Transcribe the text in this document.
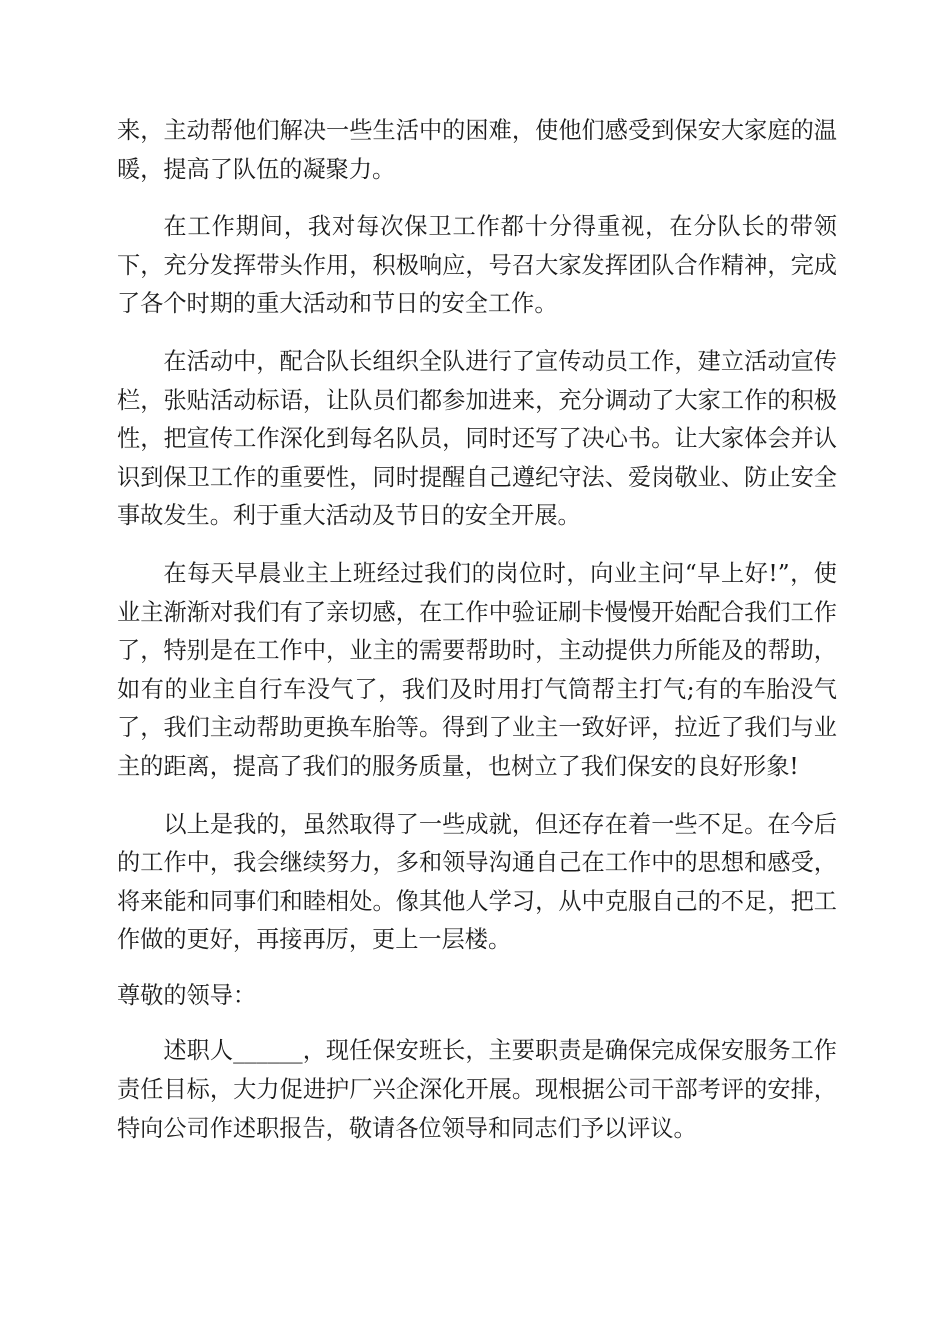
来，主动帮他们解决一些生活中的困难，使他们感受到保安大家庭的温暖，提高了队伍的凝聚力。

在工作期间，我对每次保卫工作都十分得重视，在分队长的带领下，充分发挥带头作用，积极响应，号召大家发挥团队合作精神，完成了各个时期的重大活动和节日的安全工作。

在活动中，配合队长组织全队进行了宣传动员工作，建立活动宣传栏，张贴活动标语，让队员们都参加进来，充分调动了大家工作的积极性，把宣传工作深化到每名队员，同时还写了决心书。让大家体会并认识到保卫工作的重要性，同时提醒自己遵纪守法、爱岗敬业、防止安全事故发生。利于重大活动及节日的安全开展。

在每天早晨业主上班经过我们的岗位时，向业主问“早上好!”，使业主渐渐对我们有了亲切感，在工作中验证刷卡慢慢开始配合我们工作了，特别是在工作中，业主的需要帮助时，主动提供力所能及的帮助，如有的业主自行车没气了，我们及时用打气筒帮主打气;有的车胎没气了，我们主动帮助更换车胎等。得到了业主一致好评，拉近了我们与业主的距离，提高了我们的服务质量，也树立了我们保安的良好形象!

以上是我的，虽然取得了一些成就，但还存在着一些不足。在今后的工作中，我会继续努力，多和领导沟通自己在工作中的思想和感受，将来能和同事们和睦相处。像其他人学习，从中克服自己的不足，把工作做的更好，再接再厉，更上一层楼。

尊敬的领导：

述职人______，现任保安班长，主要职责是确保完成保安服务工作责任目标，大力促进护厂兴企深化开展。现根据公司干部考评的安排，特向公司作述职报告，敬请各位领导和同志们予以评议。
